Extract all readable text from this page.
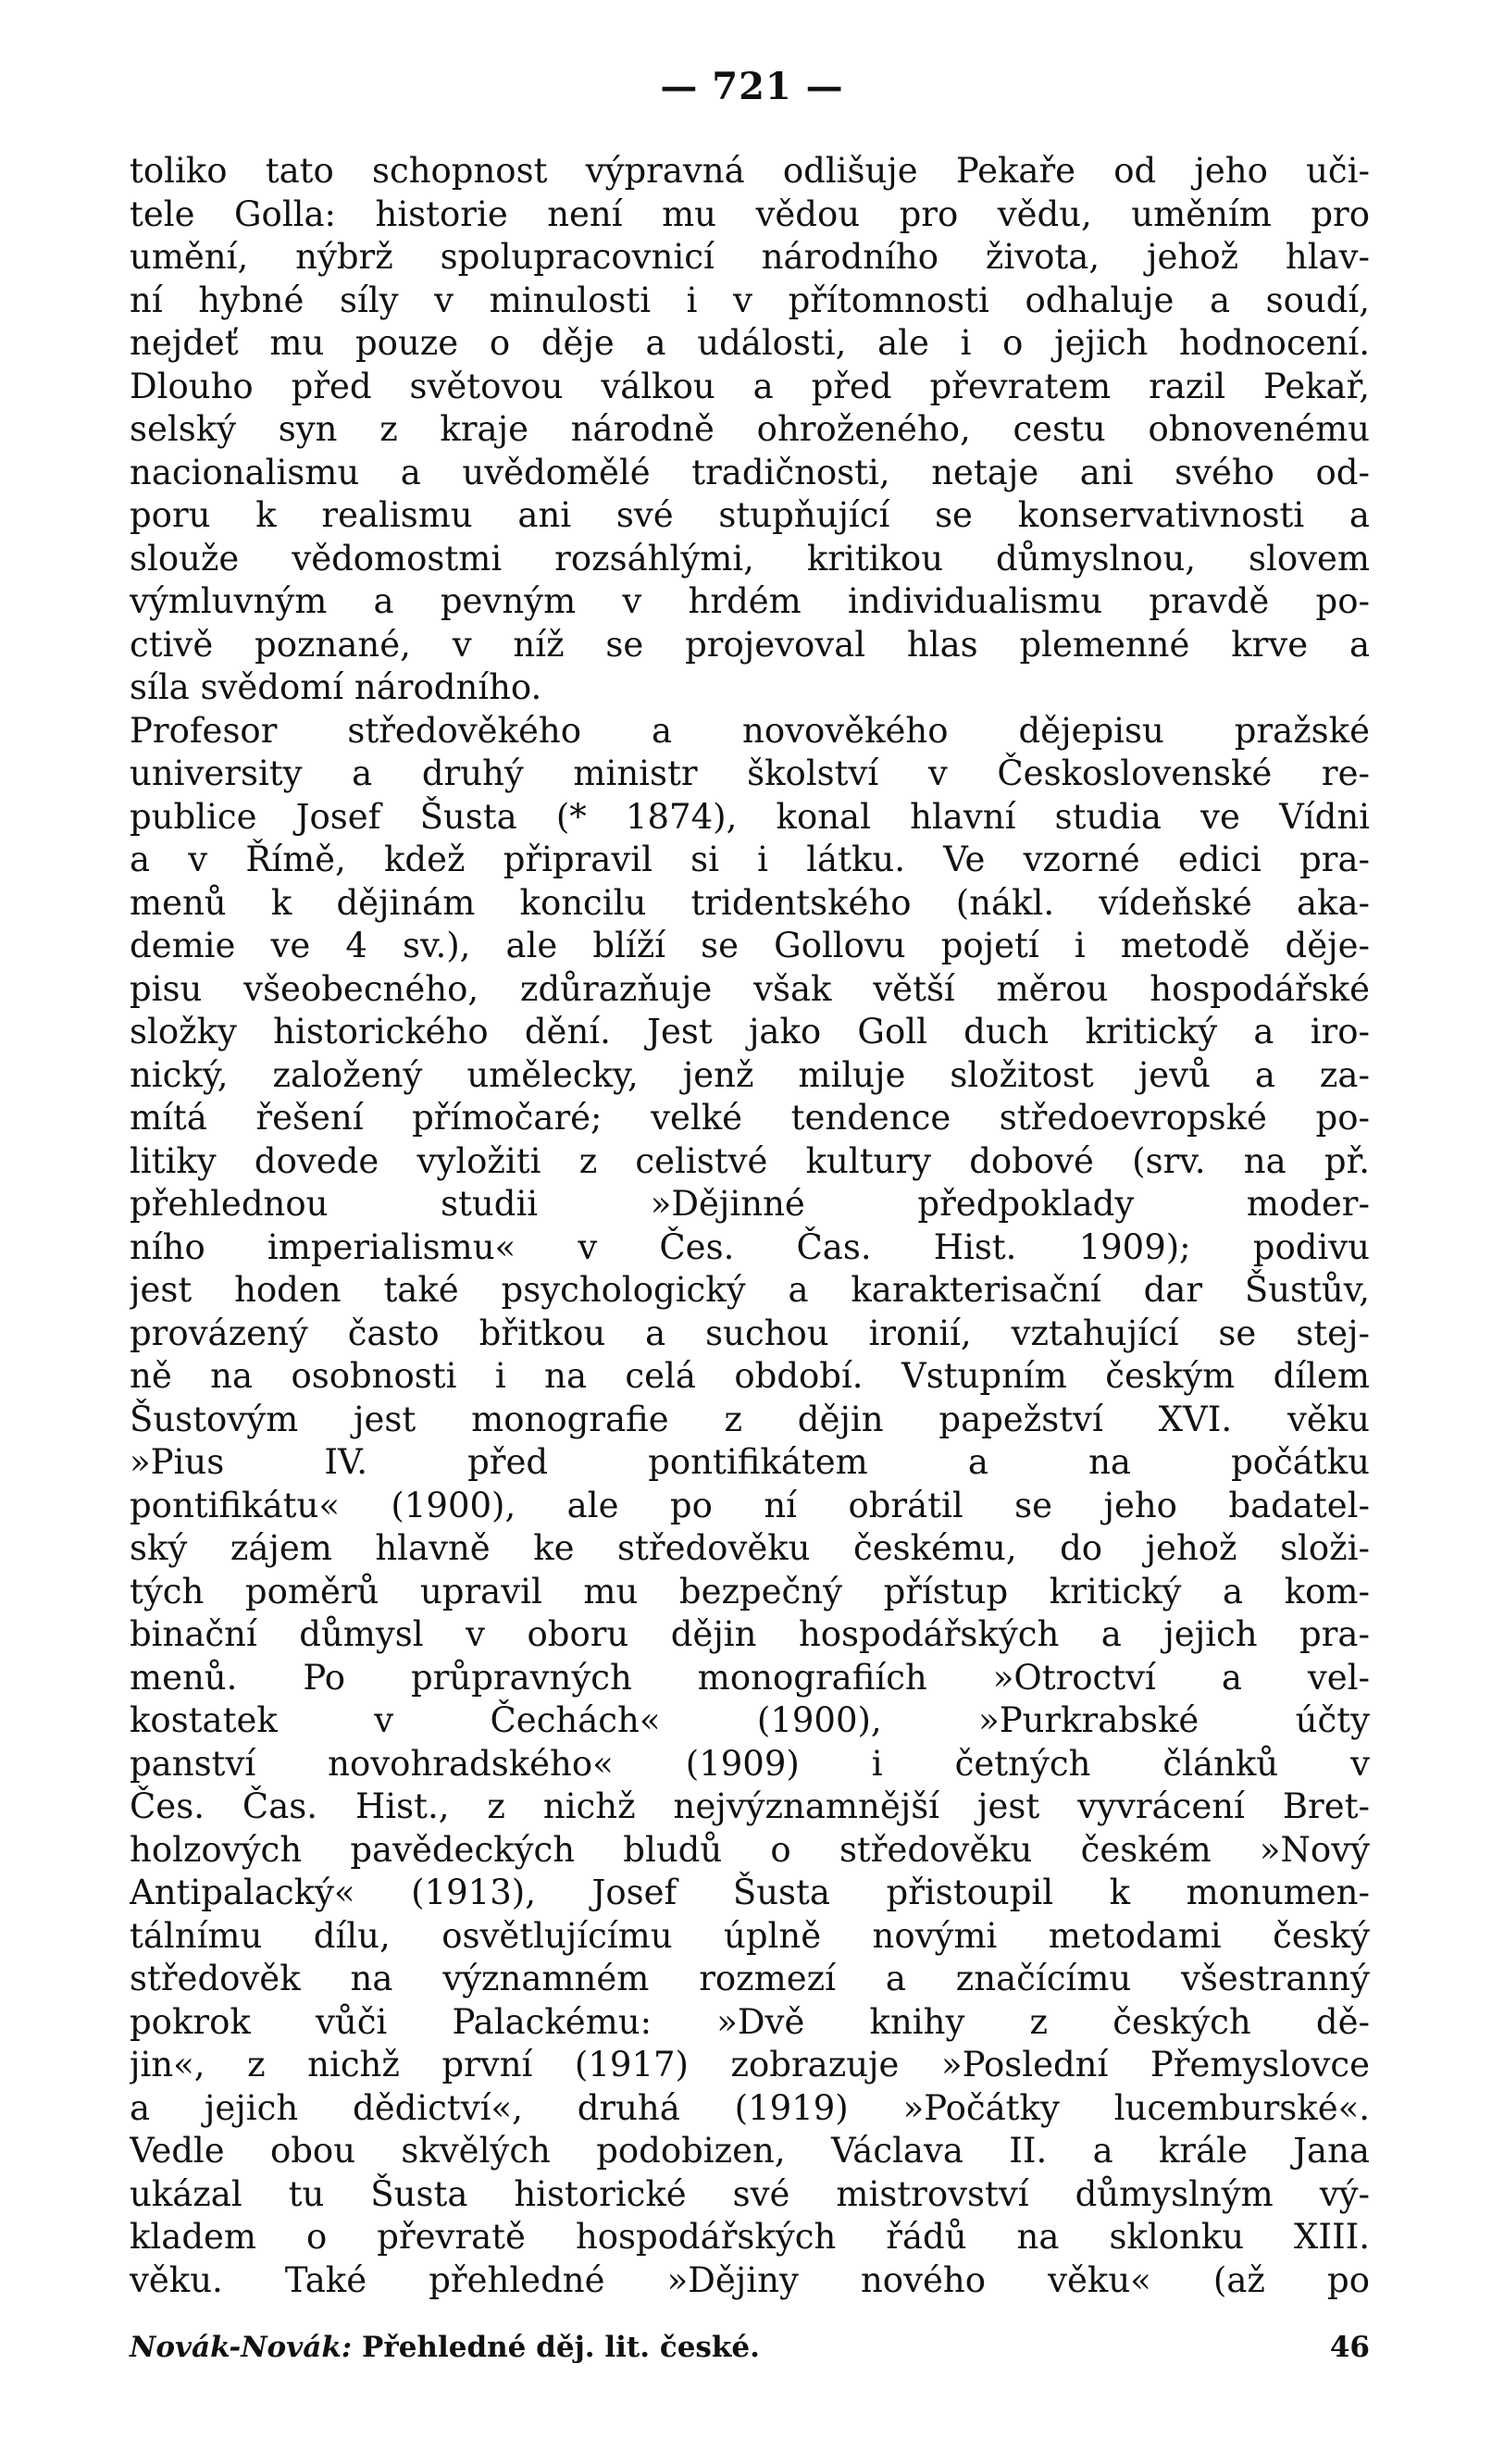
— 721 —
toliko tato schopnost výpravná odlišuje Pekaře od jeho uči-
tele Golla: historie není mu vědou pro vědu, uměním pro
umění, nýbrž spolupracovnicí národního života, jehož hlav-
ní hybné síly v minulosti i v přítomnosti odhaluje a soudí,
nejdeť mu pouze o děje a události, ale i o jejich hodnocení.
Dlouho před světovou válkou a před převratem razil Pekař,
selský syn z kraje národně ohroženého, cestu obnovenému
nacionalismu a uvědomělé tradičnosti, netaje ani svého od-
poru k realismu ani své stupňující se konservativnosti a
slouže vědomostmi rozsáhlými, kritikou důmyslnou, slovem
výmluvným a pevným v hrdém individualismu pravdě po-
ctivě poznané, v níž se projevoval hlas plemenné krve a
síla svědomí národního.
Profesor středověkého a novověkého dějepisu pražské
university a druhý ministr školství v Československé re-
publice Josef Šusta (* 1874), konal hlavní studia ve Vídni
a v Římě, kdež připravil si i látku. Ve vzorné edici pra-
menů k dějinám koncilu tridentského (nákl. vídeňské aka-
demie ve 4 sv.), ale blíží se Gollovu pojetí i metodě děje-
pisu všeobecného, zdůrazňuje však větší měrou hospodářské
složky historického dění. Jest jako Goll duch kritický a iro-
nický, založený umělecky, jenž miluje složitost jevů a za-
mítá řešení přímočaré; velké tendence středoevropské po-
litiky dovede vyložiti z celistvé kultury dobové (srv. na př.
přehlednou studii »Dějinné předpoklady moder-
ního imperialismu« v Čes. Čas. Hist. 1909); podivu
jest hoden také psychologický a karakterisační dar Šustův,
provázený často břitkou a suchou ironií, vztahující se stej-
ně na osobnosti i na celá období. Vstupním českým dílem
Šustovým jest monografie z dějin papežství XVI. věku
»Pius IV. před pontifikátem a na počátku
pontifikátu« (1900), ale po ní obrátil se jeho badatel-
ský zájem hlavně ke středověku českému, do jehož složi-
tých poměrů upravil mu bezpečný přístup kritický a kom-
binační důmysl v oboru dějin hospodářských a jejich pra-
menů. Po průpravných monografiích »Otroctví a vel-
kostatek v Čechách« (1900), »Purkrabské účty
panství novohradského« (1909) i četných článků v
Čes. Čas. Hist., z nichž nejvýznamnější jest vyvrácení Bret-
holzových pavědeckých bludů o středověku českém »Nový
Antipalacký« (1913), Josef Šusta přistoupil k monumen-
tálnímu dílu, osvětlujícímu úplně novými metodami český
středověk na významném rozmezí a značícímu všestranný
pokrok vůči Palackému: »Dvě knihy z českých dě-
jin«, z nichž první (1917) zobrazuje »Poslední Přemyslovce
a jejich dědictví«, druhá (1919) »Počátky lucemburské«.
Vedle obou skvělých podobizen, Václava II. a krále Jana
ukázal tu Šusta historické své mistrovství důmyslným vý-
kladem o převratě hospodářských řádů na sklonku XIII.
věku. Také přehledné »Dějiny nového věku« (až po
Novák-Novák: Přehledné děj. lit. české.	46
